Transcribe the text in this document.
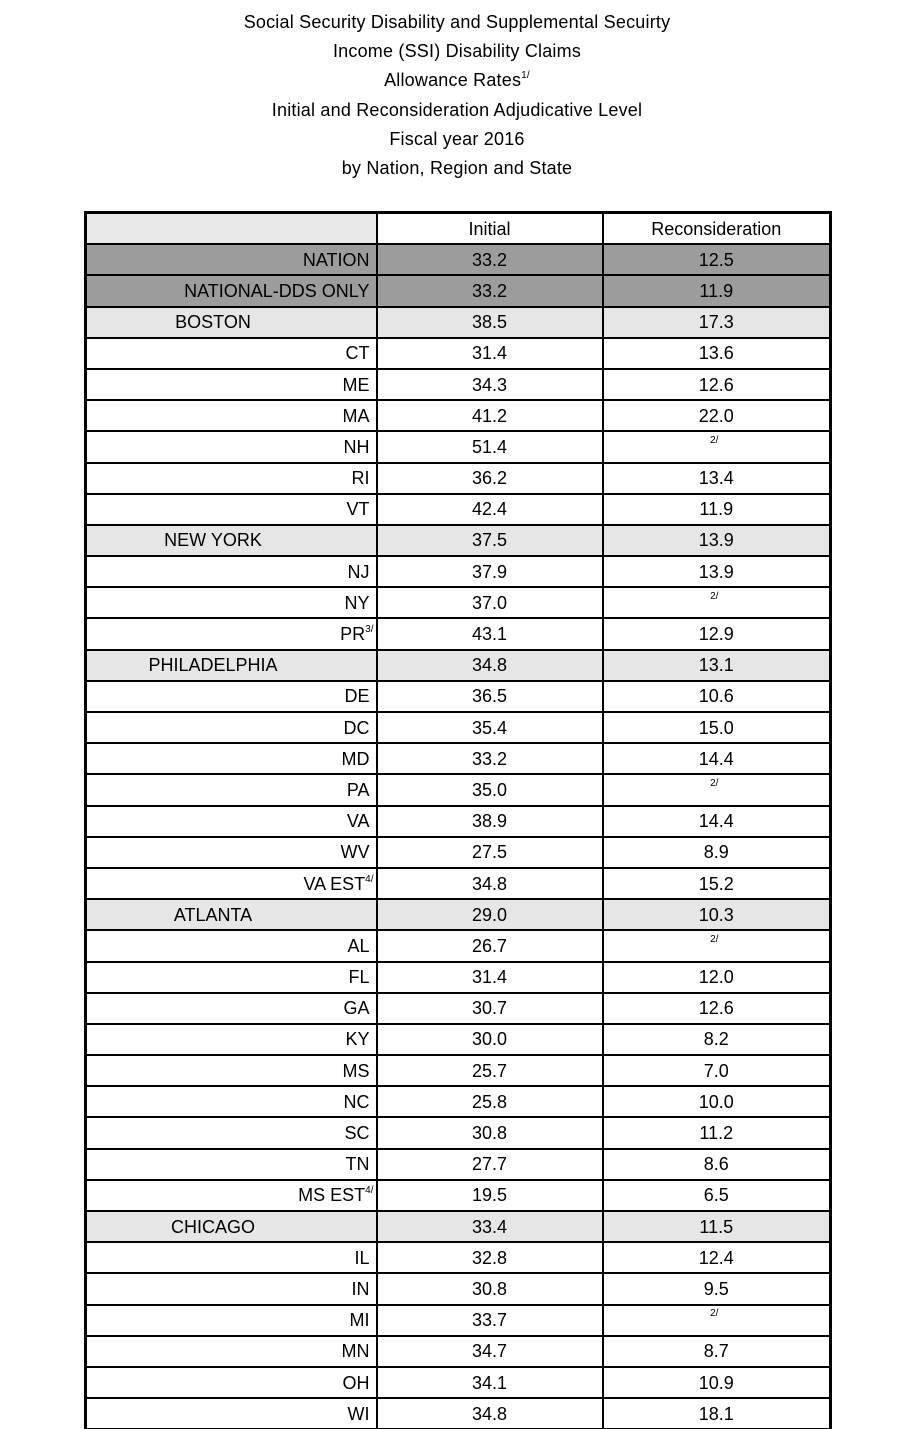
Social Security Disability and Supplemental Secuirty
Income (SSI) Disability Claims
Allowance Rates$^{1/}$
Initial and Reconsideration Adjudicative Level
Fiscal year 2016
by Nation, Region and State
	Initial	Reconsideration
NATION	33.2	12.5
NATIONAL-DDS ONLY	33.2	11.9
BOSTON	38.5	17.3
CT	31.4	13.6
ME	34.3	12.6
MA	41.2	22.0
NH	51.4	2/
RI	36.2	13.4
VT	42.4	11.9
NEW YORK	37.5	13.9
NJ	37.9	13.9
NY	37.0	2/
PR$^{3/}$	43.1	12.9
PHILADELPHIA	34.8	13.1
DE	36.5	10.6
DC	35.4	15.0
MD	33.2	14.4
PA	35.0	2/
VA	38.9	14.4
WV	27.5	8.9
VA EST$^{4/}$	34.8	15.2
ATLANTA	29.0	10.3
AL	26.7	2/
FL	31.4	12.0
GA	30.7	12.6
KY	30.0	8.2
MS	25.7	7.0
NC	25.8	10.0
SC	30.8	11.2
TN	27.7	8.6
MS EST$^{4/}$	19.5	6.5
CHICAGO	33.4	11.5
IL	32.8	12.4
IN	30.8	9.5
MI	33.7	2/
MN	34.7	8.7
OH	34.1	10.9
WI	34.8	18.1
